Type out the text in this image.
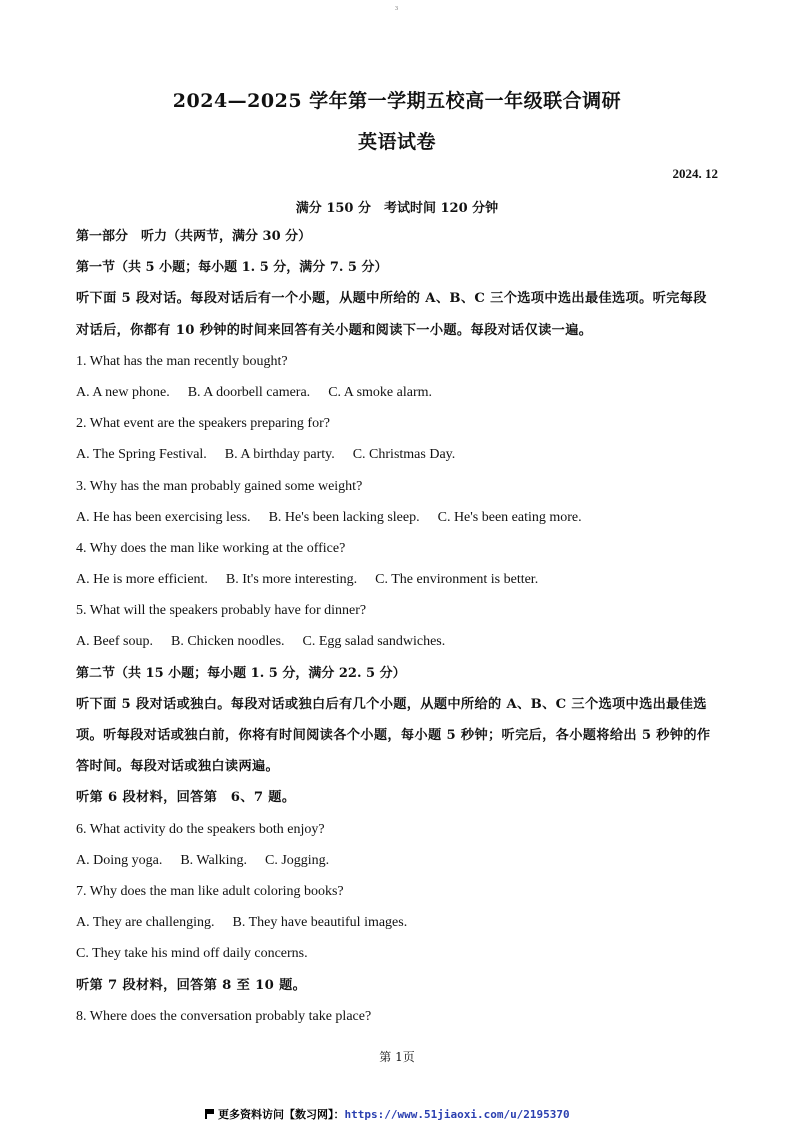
3
2024—2025 学年第一学期五校高一年级联合调研
英语试卷
2024. 12
满分 150 分　考试时间 120 分钟
第一部分　听力（共两节，满分 30 分）
第一节（共 5 小题；每小题 1. 5 分，满分 7. 5 分）
听下面 5 段对话。每段对话后有一个小题，从题中所给的 A、B、C 三个选项中选出最佳选项。听完每段
对话后，你都有 10 秒钟的时间来回答有关小题和阅读下一小题。每段对话仅读一遍。
1. What has the man recently bought?
A. A new phone. B. A doorbell camera. C. A smoke alarm.
2. What event are the speakers preparing for?
A. The Spring Festival. B. A birthday party. C. Christmas Day.
3. Why has the man probably gained some weight?
A. He has been exercising less. B. He's been lacking sleep. C. He's been eating more.
4. Why does the man like working at the office?
A. He is more efficient. B. It's more interesting. C. The environment is better.
5. What will the speakers probably have for dinner?
A. Beef soup. B. Chicken noodles. C. Egg salad sandwiches.
第二节（共 15 小题；每小题 1. 5 分，满分 22. 5 分）
听下面 5 段对话或独白。每段对话或独白后有几个小题，从题中所给的 A、B、C 三个选项中选出最佳选
项。听每段对话或独白前，你将有时间阅读各个小题，每小题 5 秒钟；听完后，各小题将给出 5 秒钟的作
答时间。每段对话或独白读两遍。
听第 6 段材料，回答第　6、7 题。
6. What activity do the speakers both enjoy?
A. Doing yoga. B. Walking. C. Jogging.
7. Why does the man like adult coloring books?
A. They are challenging. B. They have beautiful images.
C. They take his mind off daily concerns.
听第 7 段材料，回答第 8 至 10 题。
8. Where does the conversation probably take place?
第 1页
更多资料访问【数习网】：https://www.51jiaoxi.com/u/2195370
